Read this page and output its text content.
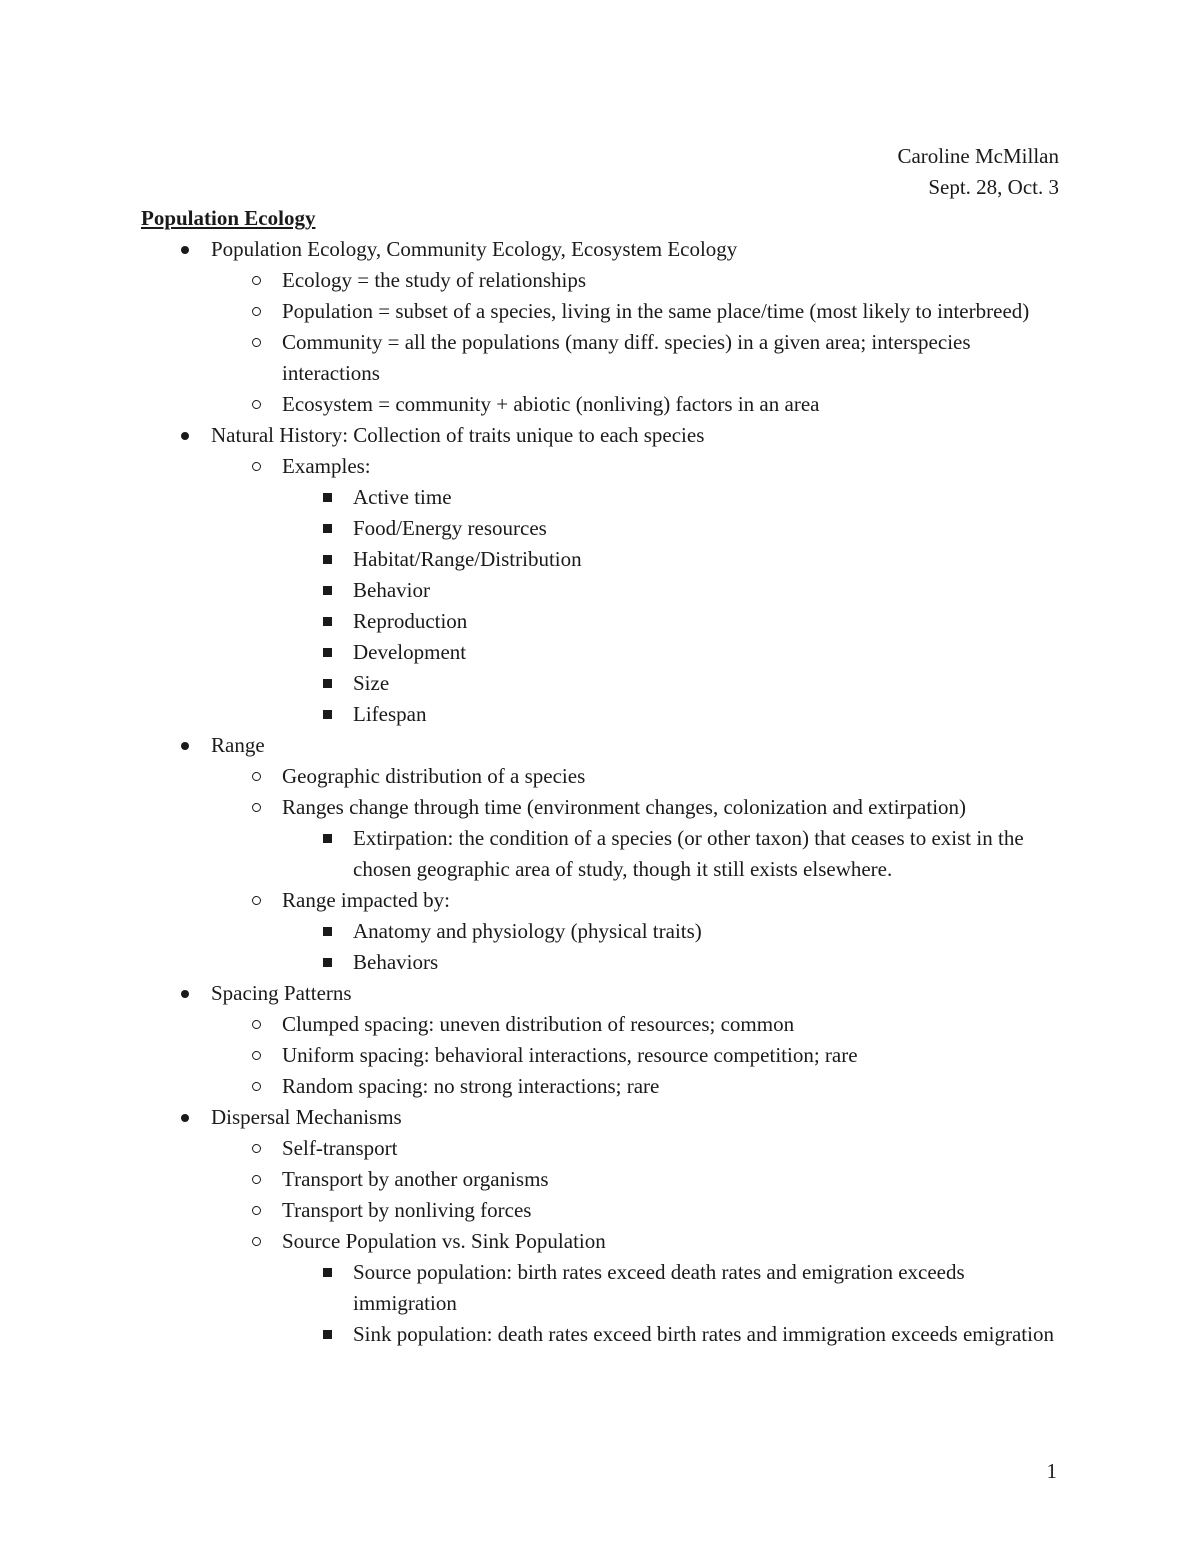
Caroline McMillan
Sept. 28, Oct. 3
Population Ecology
Population Ecology, Community Ecology, Ecosystem Ecology
Ecology = the study of relationships
Population = subset of a species, living in the same place/time (most likely to interbreed)
Community = all the populations (many diff. species) in a given area; interspecies interactions
Ecosystem = community + abiotic (nonliving) factors in an area
Natural History: Collection of traits unique to each species
Examples:
Active time
Food/Energy resources
Habitat/Range/Distribution
Behavior
Reproduction
Development
Size
Lifespan
Range
Geographic distribution of a species
Ranges change through time (environment changes, colonization and extirpation)
Extirpation: the condition of a species (or other taxon) that ceases to exist in the chosen geographic area of study, though it still exists elsewhere.
Range impacted by:
Anatomy and physiology (physical traits)
Behaviors
Spacing Patterns
Clumped spacing: uneven distribution of resources; common
Uniform spacing: behavioral interactions, resource competition; rare
Random spacing: no strong interactions; rare
Dispersal Mechanisms
Self-transport
Transport by another organisms
Transport by nonliving forces
Source Population vs. Sink Population
Source population: birth rates exceed death rates and emigration exceeds immigration
Sink population: death rates exceed birth rates and immigration exceeds emigration
1
